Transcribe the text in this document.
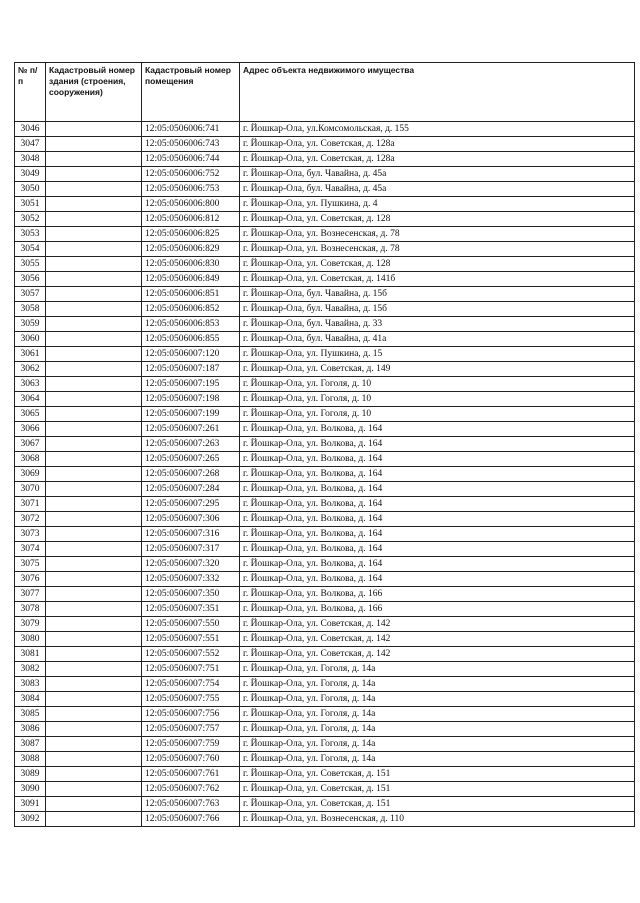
№ п/п	Кадастровый номер здания (строения, сооружения)	Кадастровый номер помещения	Адрес объекта недвижимого имущества
3046		12:05:0506006:741	г. Йошкар-Ола, ул.Комсомольская, д. 155
3047		12:05:0506006:743	г. Йошкар-Ола, ул. Советская, д. 128а
3048		12:05:0506006:744	г. Йошкар-Ола, ул. Советская, д. 128а
3049		12:05:0506006:752	г. Йошкар-Ола, бул. Чавайна, д. 45а
3050		12:05:0506006:753	г. Йошкар-Ола, бул. Чавайна, д. 45а
3051		12:05:0506006:800	г. Йошкар-Ола, ул. Пушкина, д. 4
3052		12:05:0506006:812	г. Йошкар-Ола, ул. Советская, д. 128
3053		12:05:0506006:825	г. Йошкар-Ола, ул. Вознесенская, д. 78
3054		12:05:0506006:829	г. Йошкар-Ола, ул. Вознесенская, д. 78
3055		12:05:0506006:830	г. Йошкар-Ола, ул. Советская, д. 128
3056		12:05:0506006:849	г. Йошкар-Ола, ул. Советская, д. 141б
3057		12:05:0506006:851	г. Йошкар-Ола, бул. Чавайна, д. 15б
3058		12:05:0506006:852	г. Йошкар-Ола, бул. Чавайна, д. 15б
3059		12:05:0506006:853	г. Йошкар-Ола, бул. Чавайна, д. 33
3060		12:05:0506006:855	г. Йошкар-Ола, бул. Чавайна, д. 41а
3061		12:05:0506007:120	г. Йошкар-Ола, ул. Пушкина, д. 15
3062		12:05:0506007:187	г. Йошкар-Ола, ул. Советская, д. 149
3063		12:05:0506007:195	г. Йошкар-Ола, ул. Гоголя, д. 10
3064		12:05:0506007:198	г. Йошкар-Ола, ул. Гоголя, д. 10
3065		12:05:0506007:199	г. Йошкар-Ола, ул. Гоголя, д. 10
3066		12:05:0506007:261	г. Йошкар-Ола, ул. Волкова, д. 164
3067		12:05:0506007:263	г. Йошкар-Ола, ул. Волкова, д. 164
3068		12:05:0506007:265	г. Йошкар-Ола, ул. Волкова, д. 164
3069		12:05:0506007:268	г. Йошкар-Ола, ул. Волкова, д. 164
3070		12:05:0506007:284	г. Йошкар-Ола, ул. Волкова, д. 164
3071		12:05:0506007:295	г. Йошкар-Ола, ул. Волкова, д. 164
3072		12:05:0506007:306	г. Йошкар-Ола, ул. Волкова, д. 164
3073		12:05:0506007:316	г. Йошкар-Ола, ул. Волкова, д. 164
3074		12:05:0506007:317	г. Йошкар-Ола, ул. Волкова, д. 164
3075		12:05:0506007:320	г. Йошкар-Ола, ул. Волкова, д. 164
3076		12:05:0506007:332	г. Йошкар-Ола, ул. Волкова, д. 164
3077		12:05:0506007:350	г. Йошкар-Ола, ул. Волкова, д. 166
3078		12:05:0506007:351	г. Йошкар-Ола, ул. Волкова, д. 166
3079		12:05:0506007:550	г. Йошкар-Ола, ул. Советская, д. 142
3080		12:05:0506007:551	г. Йошкар-Ола, ул. Советская, д. 142
3081		12:05:0506007:552	г. Йошкар-Ола, ул. Советская, д. 142
3082		12:05:0506007:751	г. Йошкар-Ола, ул. Гоголя, д. 14а
3083		12:05:0506007:754	г. Йошкар-Ола, ул. Гоголя, д. 14а
3084		12:05:0506007:755	г. Йошкар-Ола, ул. Гоголя, д. 14а
3085		12:05:0506007:756	г. Йошкар-Ола, ул. Гоголя, д. 14а
3086		12:05:0506007:757	г. Йошкар-Ола, ул. Гоголя, д. 14а
3087		12:05:0506007:759	г. Йошкар-Ола, ул. Гоголя, д. 14а
3088		12:05:0506007:760	г. Йошкар-Ола, ул. Гоголя, д. 14а
3089		12:05:0506007:761	г. Йошкар-Ола, ул. Советская, д. 151
3090		12:05:0506007:762	г. Йошкар-Ола, ул. Советская, д. 151
3091		12:05:0506007:763	г. Йошкар-Ола, ул. Советская, д. 151
3092		12:05:0506007:766	г. Йошкар-Ола, ул. Вознесенская, д. 110
